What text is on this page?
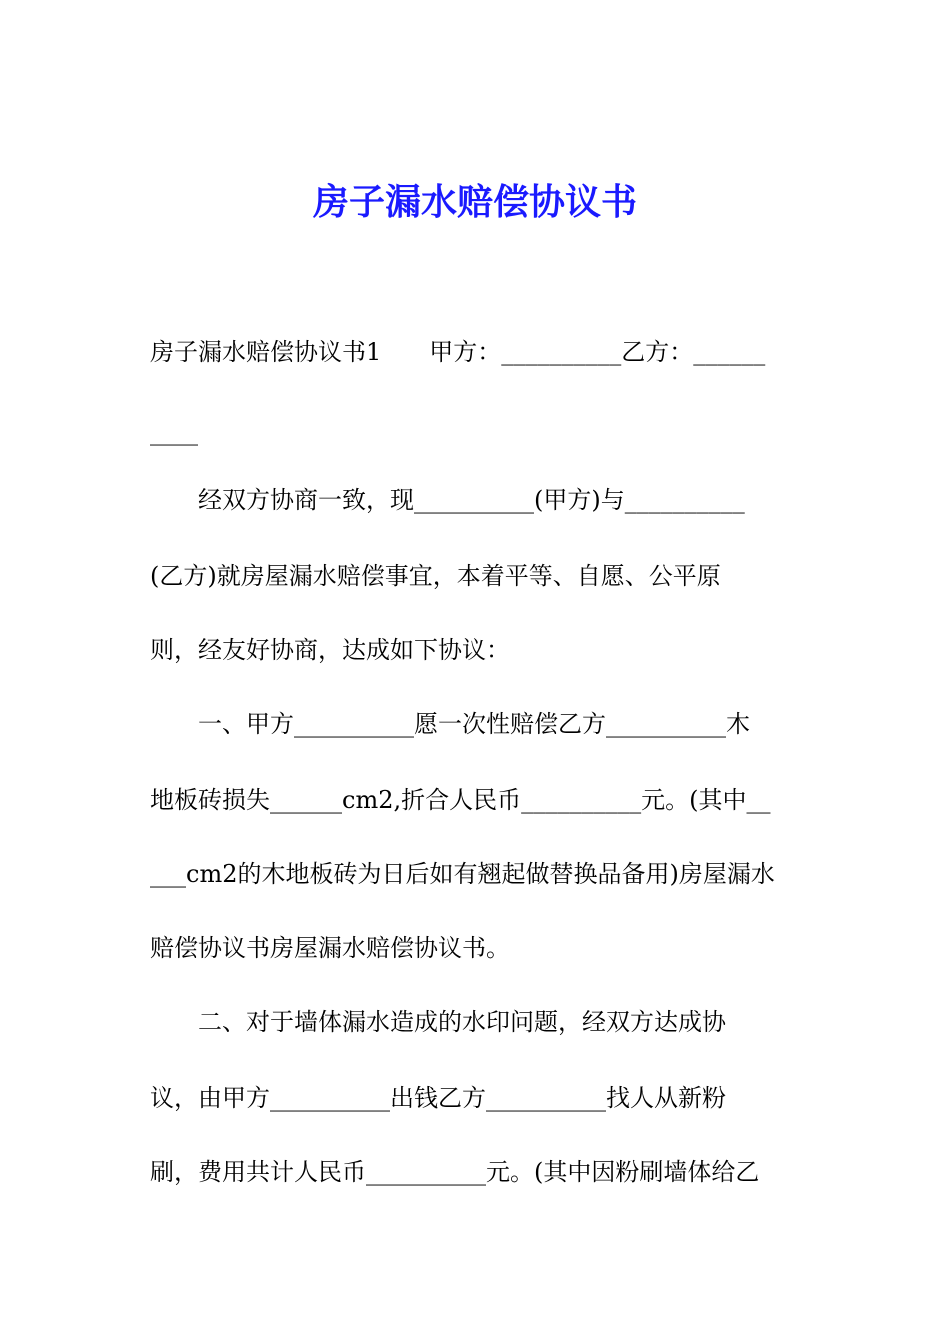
房子漏水赔偿协议书
房子漏水赔偿协议书1　　甲方：__________乙方：______
____
　　经双方协商一致，现__________(甲方)与__________
(乙方)就房屋漏水赔偿事宜，本着平等、自愿、公平原
则，经友好协商，达成如下协议：
　　一、甲方__________愿一次性赔偿乙方__________木
地板砖损失______cm2,折合人民币__________元。(其中__
___cm2的木地板砖为日后如有翘起做替换品备用)房屋漏水
赔偿协议书房屋漏水赔偿协议书。
　　二、对于墙体漏水造成的水印问题，经双方达成协
议，由甲方__________出钱乙方__________找人从新粉
刷，费用共计人民币__________元。(其中因粉刷墙体给乙
